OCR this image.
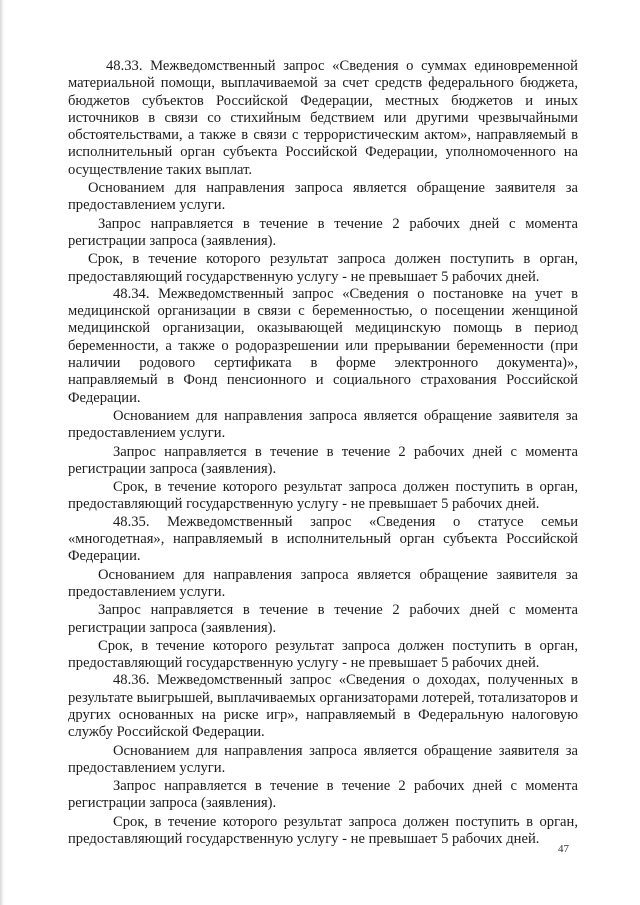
48.33. Межведомственный запрос «Сведения о суммах единовременной материальной помощи, выплачиваемой за счет средств федерального бюджета, бюджетов субъектов Российской Федерации, местных бюджетов и иных источников в связи со стихийным бедствием или другими чрезвычайными обстоятельствами, а также в связи с террористическим актом», направляемый в исполнительный орган субъекта Российской Федерации, уполномоченного на осуществление таких выплат.

Основанием для направления запроса является обращение заявителя за предоставлением услуги.

Запрос направляется в течение в течение 2 рабочих дней с момента регистрации запроса (заявления).

Срок, в течение которого результат запроса должен поступить в орган, предоставляющий государственную услугу - не превышает 5 рабочих дней.

48.34. Межведомственный запрос «Сведения о постановке на учет в медицинской организации в связи с беременностью, о посещении женщиной медицинской организации, оказывающей медицинскую помощь в период беременности, а также о родоразрешении или прерывании беременности (при наличии родового сертификата в форме электронного документа)», направляемый в Фонд пенсионного и социального страхования Российской Федерации.

Основанием для направления запроса является обращение заявителя за предоставлением услуги.

Запрос направляется в течение в течение 2 рабочих дней с момента регистрации запроса (заявления).

Срок, в течение которого результат запроса должен поступить в орган, предоставляющий государственную услугу - не превышает 5 рабочих дней.

48.35. Межведомственный запрос «Сведения о статусе семьи «многодетная», направляемый в исполнительный орган субъекта Российской Федерации.

Основанием для направления запроса является обращение заявителя за предоставлением услуги.

Запрос направляется в течение в течение 2 рабочих дней с момента регистрации запроса (заявления).

Срок, в течение которого результат запроса должен поступить в орган, предоставляющий государственную услугу - не превышает 5 рабочих дней.

48.36. Межведомственный запрос «Сведения о доходах, полученных в результате выигрышей, выплачиваемых организаторами лотерей, тотализаторов и других основанных на риске игр», направляемый в Федеральную налоговую службу Российской Федерации.

Основанием для направления запроса является обращение заявителя за предоставлением услуги.

Запрос направляется в течение в течение 2 рабочих дней с момента регистрации запроса (заявления).

Срок, в течение которого результат запроса должен поступить в орган, предоставляющий государственную услугу - не превышает 5 рабочих дней.

47
